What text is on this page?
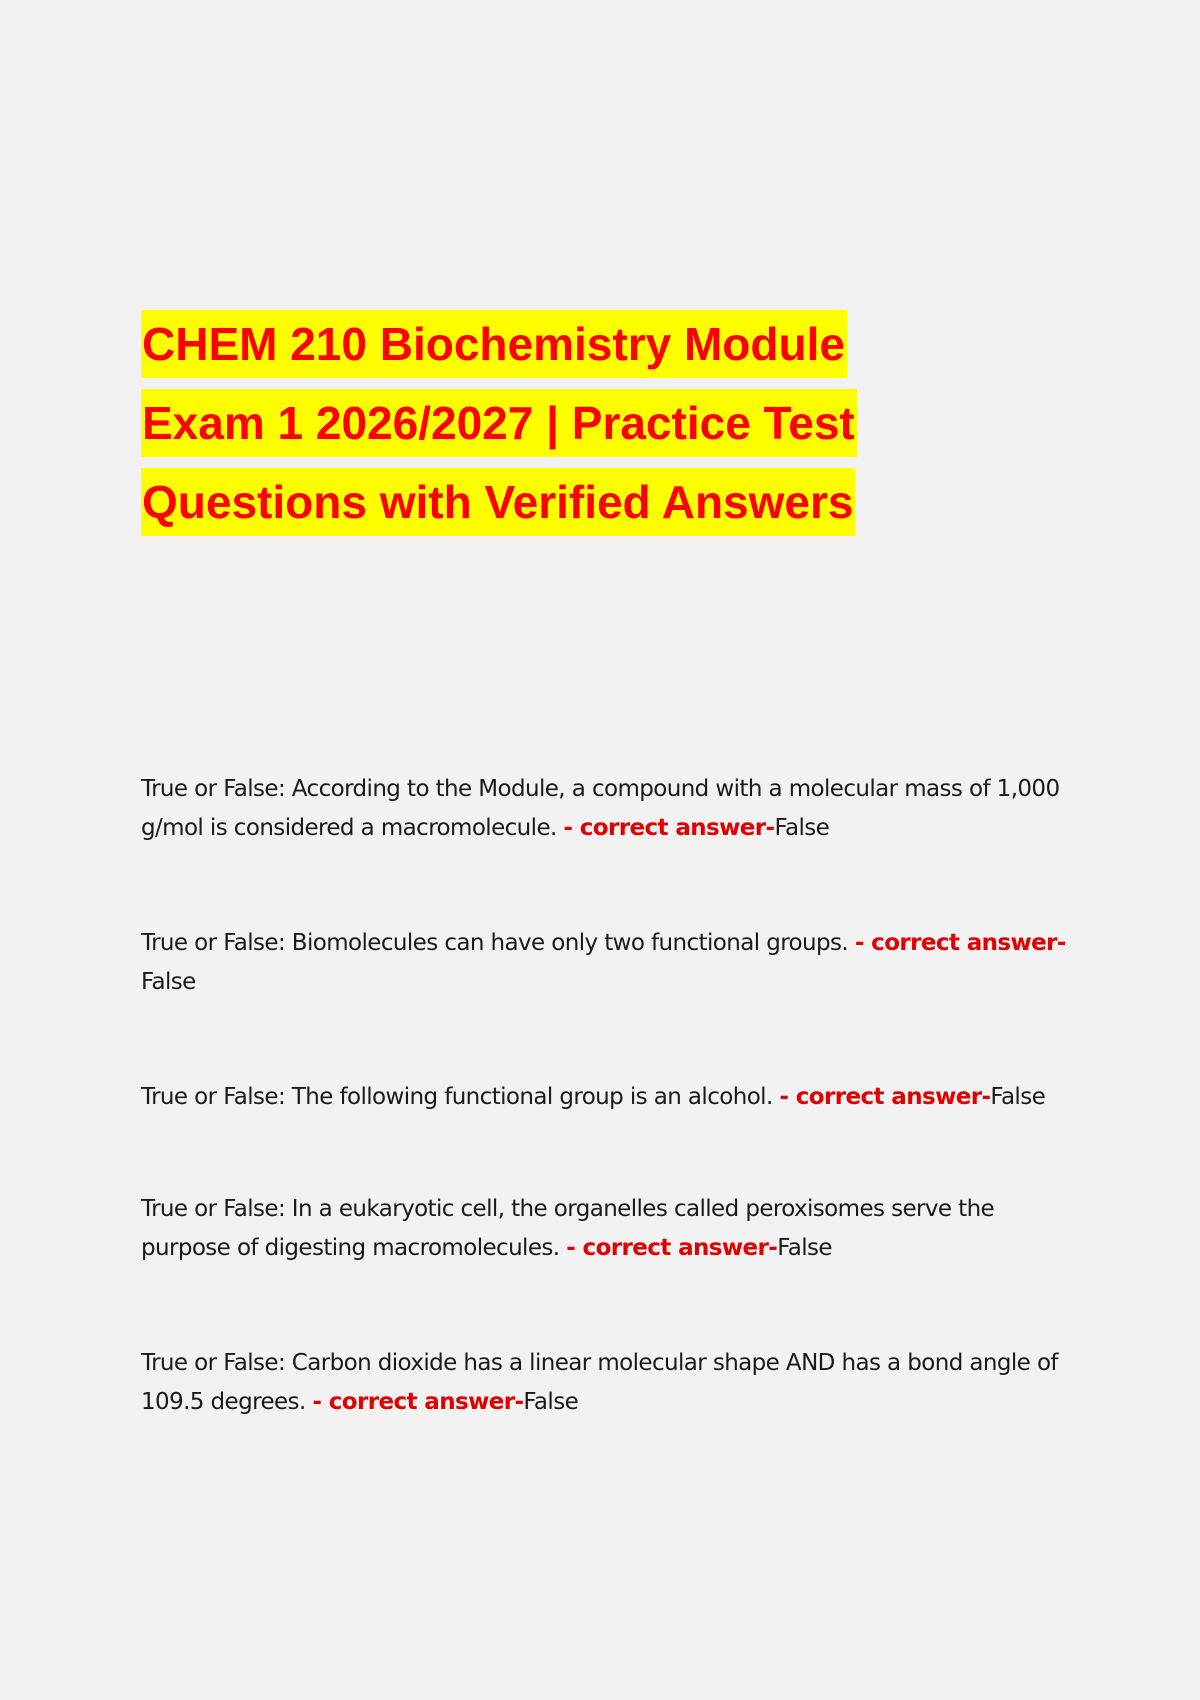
CHEM 210 Biochemistry Module
Exam 1 2026/2027 | Practice Test
Questions with Verified Answers
True or False: According to the Module, a compound with a molecular mass of 1,000 g/mol is considered a macromolecule. - correct answer-False
True or False: Biomolecules can have only two functional groups. - correct answer-False
True or False: The following functional group is an alcohol. - correct answer-False
True or False: In a eukaryotic cell, the organelles called peroxisomes serve the purpose of digesting macromolecules. - correct answer-False
True or False: Carbon dioxide has a linear molecular shape AND has a bond angle of 109.5 degrees. - correct answer-False
